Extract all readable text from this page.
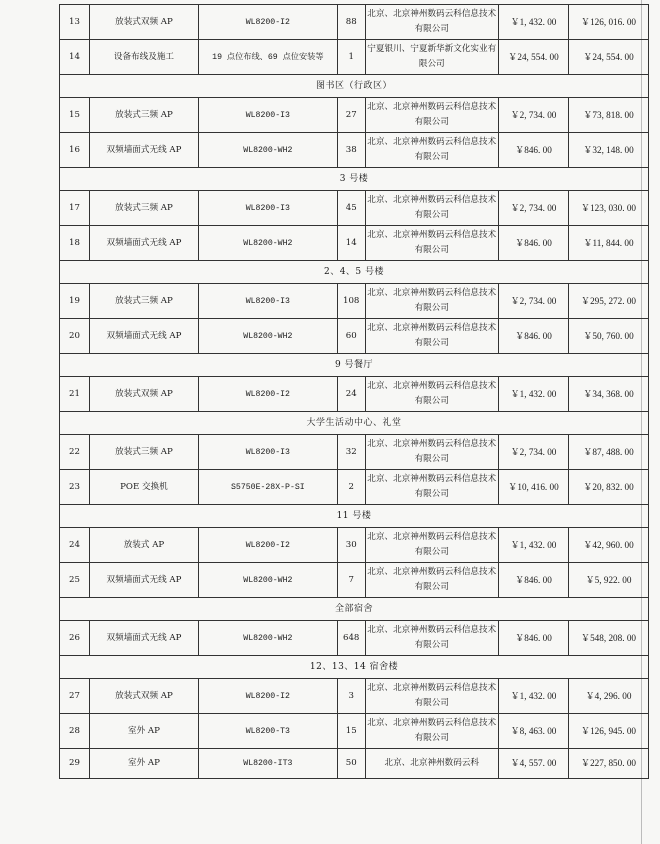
13	放装式双频 AP	WL8200-I2	88	北京、北京神州数码云科信息技术有限公司	￥1, 432. 00	￥126, 016. 00
14	设备布线及施工	19 点位布线、69 点位安装等	1	宁夏银川、宁夏新华新文化实业有限公司	￥24, 554. 00	￥24, 554. 00
图书区（行政区）						
15	放装式三频 AP	WL8200-I3	27	北京、北京神州数码云科信息技术有限公司	￥2, 734. 00	￥73, 818. 00
16	双频墙面式无线 AP	WL8200-WH2	38	北京、北京神州数码云科信息技术有限公司	￥846. 00	￥32, 148. 00
3 号楼						
17	放装式三频 AP	WL8200-I3	45	北京、北京神州数码云科信息技术有限公司	￥2, 734. 00	￥123, 030. 00
18	双频墙面式无线 AP	WL8200-WH2	14	北京、北京神州数码云科信息技术有限公司	￥846. 00	￥11, 844. 00
2、4、5 号楼						
19	放装式三频 AP	WL8200-I3	108	北京、北京神州数码云科信息技术有限公司	￥2, 734. 00	￥295, 272. 00
20	双频墙面式无线 AP	WL8200-WH2	60	北京、北京神州数码云科信息技术有限公司	￥846. 00	￥50, 760. 00
9 号餐厅						
21	放装式双频 AP	WL8200-I2	24	北京、北京神州数码云科信息技术有限公司	￥1, 432. 00	￥34, 368. 00
大学生活动中心、礼堂						
22	放装式三频 AP	WL8200-I3	32	北京、北京神州数码云科信息技术有限公司	￥2, 734. 00	￥87, 488. 00
23	POE 交换机	S5750E-28X-P-SI	2	北京、北京神州数码云科信息技术有限公司	￥10, 416. 00	￥20, 832. 00
11 号楼						
24	放装式 AP	WL8200-I2	30	北京、北京神州数码云科信息技术有限公司	￥1, 432. 00	￥42, 960. 00
25	双频墙面式无线 AP	WL8200-WH2	7	北京、北京神州数码云科信息技术有限公司	￥846. 00	￥5, 922. 00
全部宿舍						
26	双频墙面式无线 AP	WL8200-WH2	648	北京、北京神州数码云科信息技术有限公司	￥846. 00	￥548, 208. 00
12、13、14 宿舍楼						
27	放装式双频 AP	WL8200-I2	3	北京、北京神州数码云科信息技术有限公司	￥1, 432. 00	￥4, 296. 00
28	室外 AP	WL8200-T3	15	北京、北京神州数码云科信息技术有限公司	￥8, 463. 00	￥126, 945. 00
29	室外 AP	WL8200-IT3	50	北京、北京神州数码云科	￥4, 557. 00	￥227, 850. 00
